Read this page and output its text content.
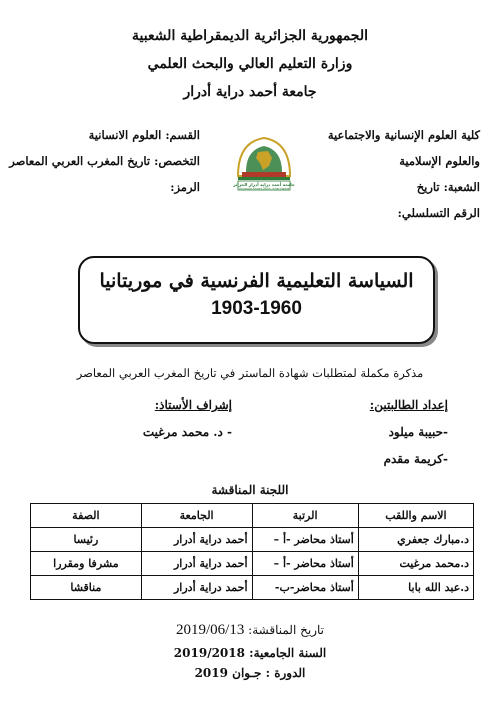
الجمهورية الجزائرية الديمقراطية الشعبية
وزارة التعليم العالي والبحث العلمي
جامعة أحمد دراية أدرار
كلية العلوم الإنسانية والاجتماعية
والعلوم الإسلامية
الشعبة: تاريخ
الرقم التسلسلي:
القسم: العلوم الانسانية
التخصص: تاريخ المغرب العربي المعاصر
الرمز:	جامعة أحمد دراية أدرار الجزائر
Université Ahmed DRAIA, Adrar-Algérie
السياسة التعليمية الفرنسية في موريتانيا
1903-1960
مذكرة مكملة لمتطلبات شهادة الماستر في تاريخ المغرب العربي المعاصر
إعداد الطالبتين:
-حبيبة ميلود
-كريمة مقدم
إشراف الأستاذ:
- د. محمد مرغيت
اللجنة المناقشة
الاسم واللقب	الرتبة	الجامعة	الصفة
د.مبارك جعفري	أستاذ محاضر -أ –	أحمد دراية أدرار	رئيسا
د.محمد مرغيت	أستاذ محاضر -أ –	أحمد دراية أدرار	مشرفا ومقررا
د.عبد الله بابا	أستاذ محاضر-ب-	أحمد دراية أدرار	مناقشا
تاريخ المناقشة: 2019/06/13
السنة الجامعية: 2019/2018
الدورة : جـوان 2019
